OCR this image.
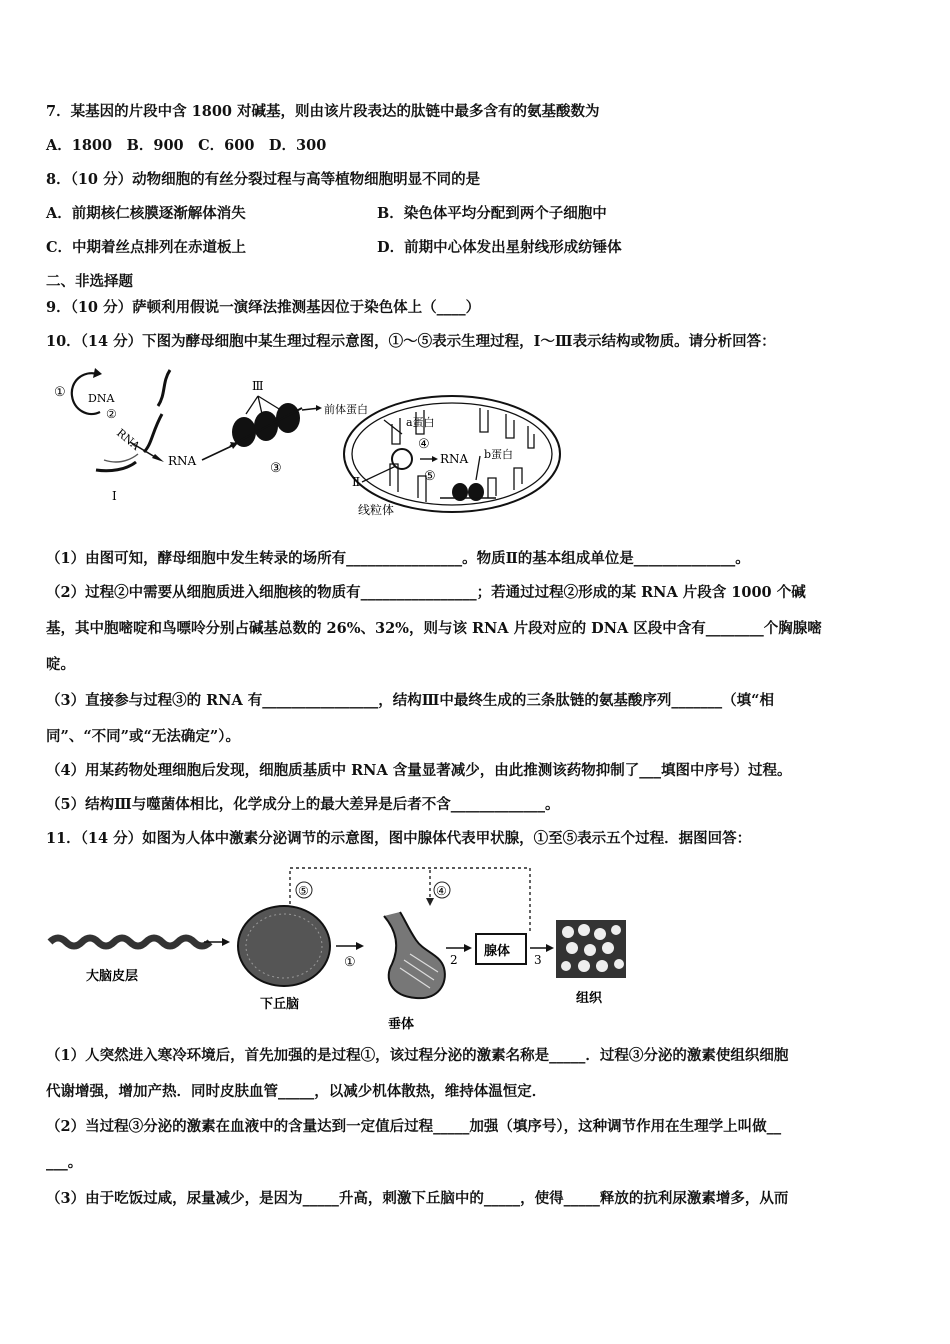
7．某基因的片段中含 1800 对碱基，则由该片段表达的肽链中最多含有的氨基酸数为
A．1800　B．900　C．600　D．300
8．（10 分）动物细胞的有丝分裂过程与高等植物细胞明显不同的是
A．前期核仁核膜逐渐解体消失	B．染色体平均分配到两个子细胞中
C．中期着丝点排列在赤道板上	D．前期中心体发出星射线形成纺锤体
二、非选择题
9．（10 分）萨顿利用假说一演绎法推测基因位于染色体上（____）
10．（14 分）下图为酵母细胞中某生理过程示意图，①～⑤表示生理过程，Ⅰ～Ⅲ表示结构或物质。请分析回答：
① DNA
②
RNA
RNA
Ⅰ
Ⅲ
③
前体蛋白
a蛋白
④
RNA
⑤
b蛋白
Ⅱ
线粒体
（1）由图可知，酵母细胞中发生转录的场所有________________。物质Ⅱ的基本组成单位是______________。
（2）过程②中需要从细胞质进入细胞核的物质有________________；若通过过程②形成的某 RNA 片段含 1000 个碱
基，其中胞嘧啶和鸟嘌呤分别占碱基总数的 26%、32%，则与该 RNA 片段对应的 DNA 区段中含有________个胸腺嘧
啶。
（3）直接参与过程③的 RNA 有________________，结构Ⅲ中最终生成的三条肽链的氨基酸序列_______（填“相
同”、“不同”或“无法确定”）。
（4）用某药物处理细胞后发现，细胞质基质中 RNA 含量显著减少，由此推测该药物抑制了___填图中序号）过程。
（5）结构Ⅲ与噬菌体相比，化学成分上的最大差异是后者不含_____________。
11．（14 分）如图为人体中激素分泌调节的示意图，图中腺体代表甲状腺，①至⑤表示五个过程．据图回答：
⑤	④
大脑皮层
下丘脑
①
垂体
2
腺体
3
组织
（1）人突然进入寒冷环境后，首先加强的是过程①，该过程分泌的激素名称是_____．过程③分泌的激素使组织细胞
代谢增强，增加产热．同时皮肤血管_____，以减少机体散热，维持体温恒定．
（2）当过程③分泌的激素在血液中的含量达到一定值后过程_____加强（填序号），这种调节作用在生理学上叫做__
___。
（3）由于吃饭过咸，尿量减少，是因为_____升高，刺激下丘脑中的_____，使得_____释放的抗利尿激素增多，从而
